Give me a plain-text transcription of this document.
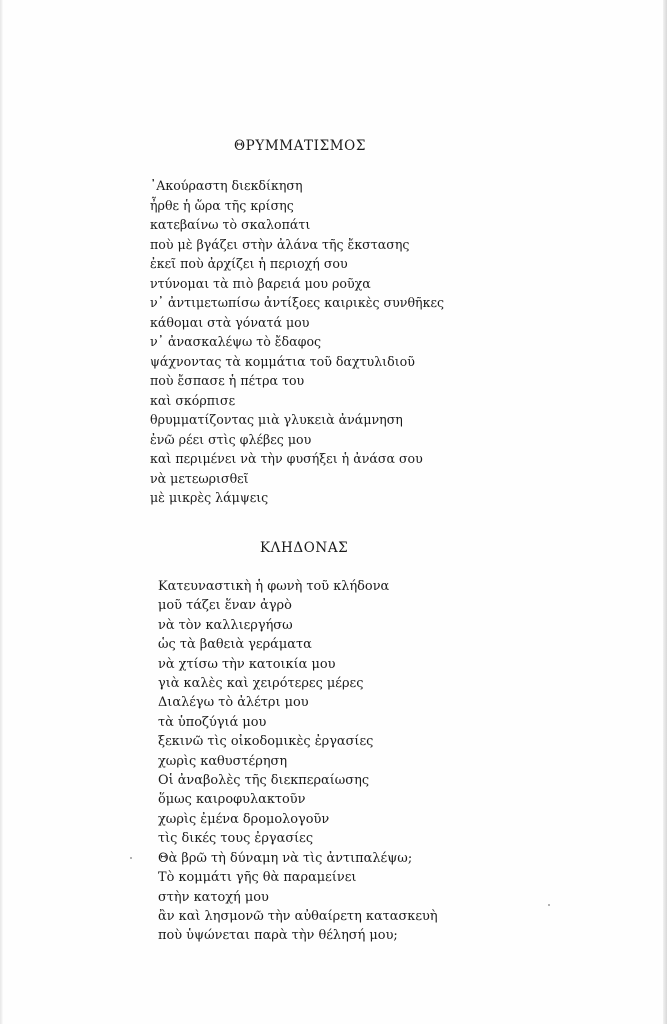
ΘΡΥΜΜΑΤΙΣΜΟΣ
᾿Ακούραστη διεκδίκηση
ἦρθε ἡ ὥρα τῆς κρίσης
κατεβαίνω τὸ σκαλοπάτι
ποὺ μὲ βγάζει στὴν ἀλάνα τῆς ἔκστασης
ἐκεῖ ποὺ ἀρχίζει ἡ περιοχή σου
ντύνομαι τὰ πιὸ βαρειά μου ροῦχα
ν᾿ ἀντιμετωπίσω ἀντίξοες καιρικὲς συνθῆκες
κάθομαι στὰ γόνατά μου
ν᾿ ἀνασκαλέψω τὸ ἔδαφος
ψάχνοντας τὰ κομμάτια τοῦ δαχτυλιδιοῦ
ποὺ ἔσπασε ἡ πέτρα του
καὶ σκόρπισε
θρυμματίζοντας μιὰ γλυκειὰ ἀνάμνηση
ἐνῶ ρέει στὶς φλέβες μου
καὶ περιμένει νὰ τὴν φυσήξει ἡ ἀνάσα σου
νὰ μετεωρισθεῖ
μὲ μικρὲς λάμψεις
ΚΛΗΔΟΝΑΣ
Κατευναστικὴ ἡ φωνὴ τοῦ κλήδονα
μοῦ τάζει ἕναν ἀγρὸ
νὰ τὸν καλλιεργήσω
ὡς τὰ βαθειὰ γεράματα
νὰ χτίσω τὴν κατοικία μου
γιὰ καλὲς καὶ χειρότερες μέρες
Διαλέγω τὸ ἀλέτρι μου
τὰ ὑποζύγιά μου
ξεκινῶ τὶς οἰκοδομικὲς ἐργασίες
χωρὶς καθυστέρηση
Οἱ ἀναβολὲς τῆς διεκπεραίωσης
ὅμως καιροφυλακτοῦν
χωρὶς ἐμένα δρομολογοῦν
τὶς δικές τους ἐργασίες
Θὰ βρῶ τὴ δύναμη νὰ τὶς ἀντιπαλέψω;
Τὸ κομμάτι γῆς θὰ παραμείνει
στὴν κατοχή μου
ἂν καὶ λησμονῶ τὴν αὐθαίρετη κατασκευὴ
ποὺ ὑψώνεται παρὰ τὴν θέλησή μου;
